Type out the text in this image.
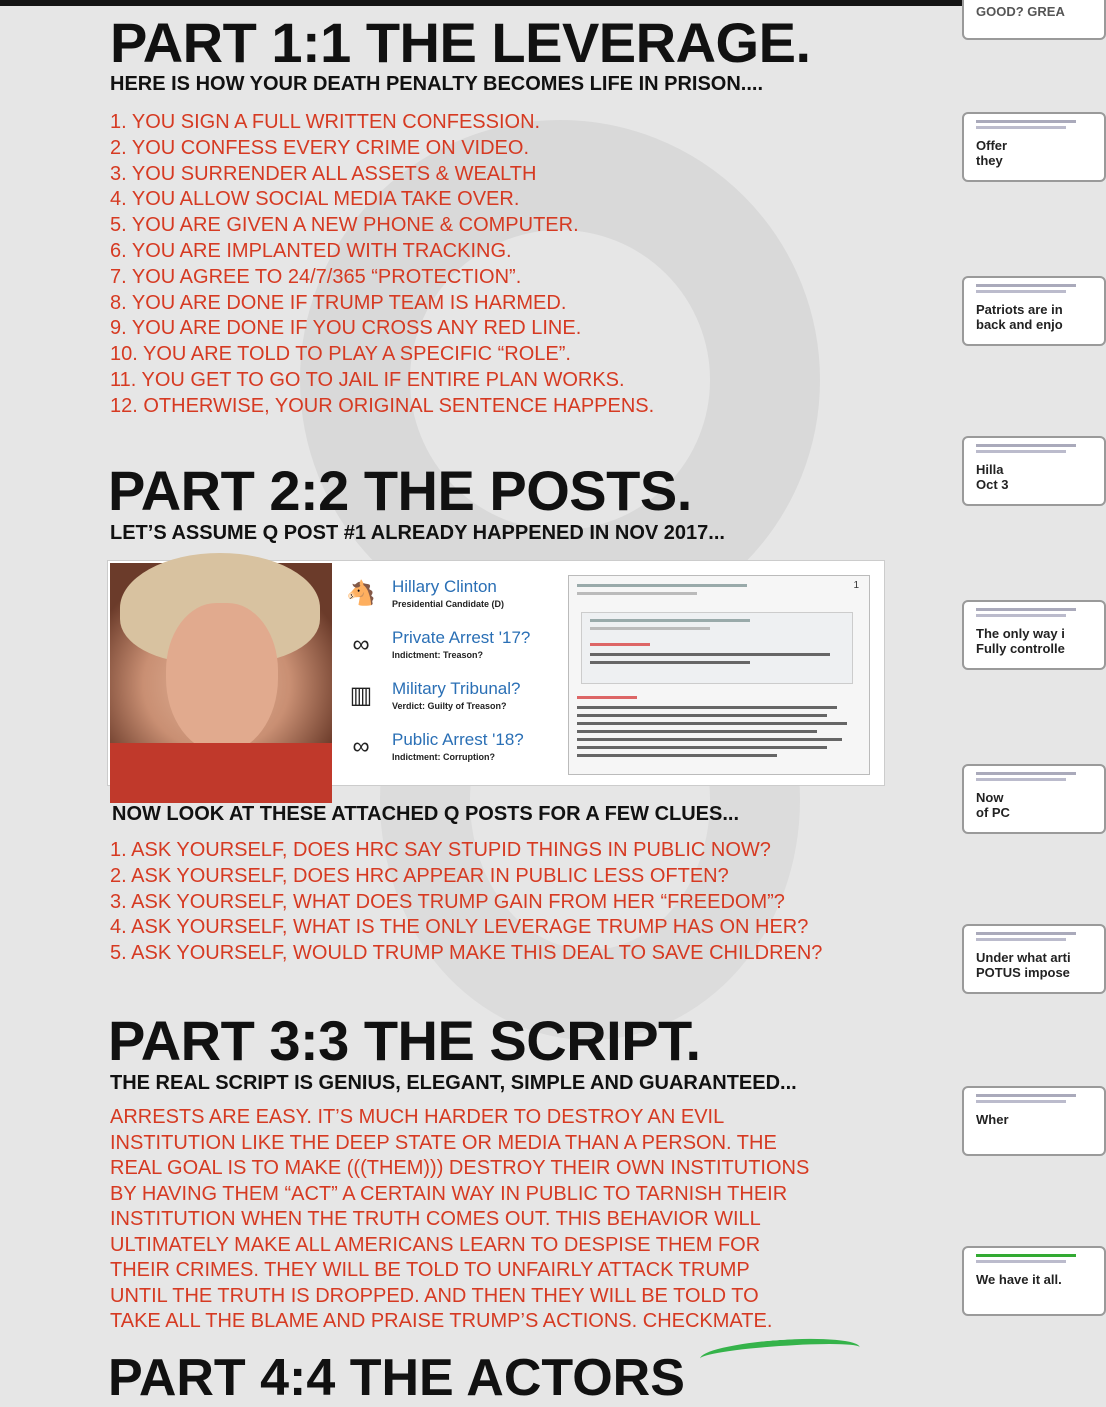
PART 1:1 THE LEVERAGE.
HERE IS HOW YOUR DEATH PENALTY BECOMES LIFE IN PRISON....
1. YOU SIGN A FULL WRITTEN CONFESSION.
2. YOU CONFESS EVERY CRIME ON VIDEO.
3. YOU SURRENDER ALL ASSETS & WEALTH
4. YOU ALLOW SOCIAL MEDIA TAKE OVER.
5. YOU ARE GIVEN A NEW PHONE & COMPUTER.
6. YOU ARE IMPLANTED WITH TRACKING.
7. YOU AGREE TO 24/7/365 “PROTECTION”.
8. YOU ARE DONE IF TRUMP TEAM IS HARMED.
9. YOU ARE DONE IF YOU CROSS ANY RED LINE.
10. YOU ARE TOLD TO PLAY A SPECIFIC “ROLE”.
11. YOU GET TO GO TO JAIL IF ENTIRE PLAN WORKS.
12. OTHERWISE, YOUR ORIGINAL SENTENCE HAPPENS.
PART 2:2 THE POSTS.
LET’S ASSUME Q POST #1 ALREADY HAPPENED IN NOV 2017...
🐴 Hillary Clinton
Presidential Candidate (D)
∞	Private Arrest '17?
Indictment: Treason?
▥ Military Tribunal?
Verdict: Guilty of Treason?
∞	Public Arrest '18?
Indictment: Corruption?
1
NOW LOOK AT THESE ATTACHED Q POSTS FOR A FEW CLUES...
1. ASK YOURSELF, DOES HRC SAY STUPID THINGS IN PUBLIC NOW?
2. ASK YOURSELF, DOES HRC APPEAR IN PUBLIC LESS OFTEN?
3. ASK YOURSELF, WHAT DOES TRUMP GAIN FROM HER “FREEDOM”?
4. ASK YOURSELF, WHAT IS THE ONLY LEVERAGE TRUMP HAS ON HER?
5. ASK YOURSELF, WOULD TRUMP MAKE THIS DEAL TO SAVE CHILDREN?
PART 3:3 THE SCRIPT.
THE REAL SCRIPT IS GENIUS, ELEGANT, SIMPLE AND GUARANTEED...
ARRESTS ARE EASY. IT’S MUCH HARDER TO DESTROY AN EVIL
INSTITUTION LIKE THE DEEP STATE OR MEDIA THAN A PERSON. THE
REAL GOAL IS TO MAKE (((THEM))) DESTROY THEIR OWN INSTITUTIONS
BY HAVING THEM “ACT” A CERTAIN WAY IN PUBLIC TO TARNISH THEIR
INSTITUTION WHEN THE TRUTH COMES OUT. THIS BEHAVIOR WILL
ULTIMATELY MAKE ALL AMERICANS LEARN TO DESPISE THEM FOR
THEIR CRIMES. THEY WILL BE TOLD TO UNFAIRLY ATTACK TRUMP
UNTIL THE TRUTH IS DROPPED. AND THEN THEY WILL BE TOLD TO
TAKE ALL THE BLAME AND PRAISE TRUMP’S ACTIONS. CHECKMATE.
PART 4:4 THE ACTORS
GOOD? GREA
Offer
they
Patriots are in
back and enjo
Hilla
Oct 3
The only way i
Fully controlle
Now
of PC
Under what arti
POTUS impose
Wher
We have it all.
